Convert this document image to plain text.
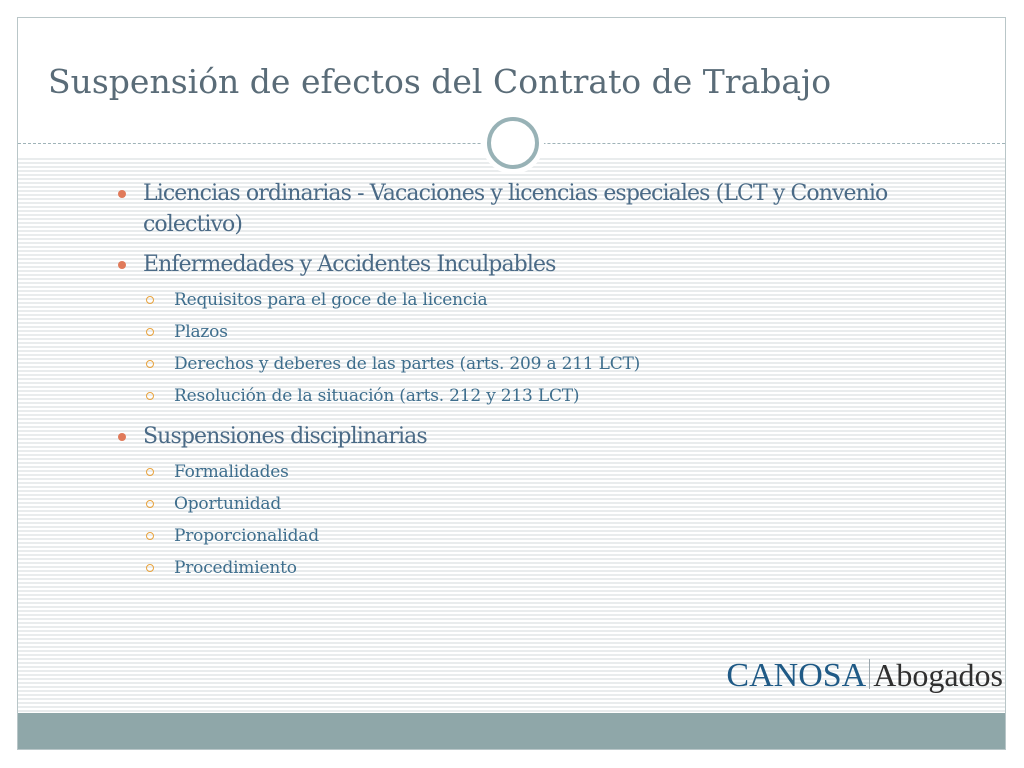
Suspensión de efectos del Contrato de Trabajo
Licencias ordinarias - Vacaciones y licencias especiales (LCT y Convenio colectivo)
Enfermedades y Accidentes Inculpables
Requisitos para el goce de la licencia
Plazos
Derechos y deberes de las partes (arts. 209 a 211 LCT)
Resolución de la situación (arts. 212 y 213 LCT)
Suspensiones disciplinarias
Formalidades
Oportunidad
Proporcionalidad
Procedimiento
CANOSA Abogados
